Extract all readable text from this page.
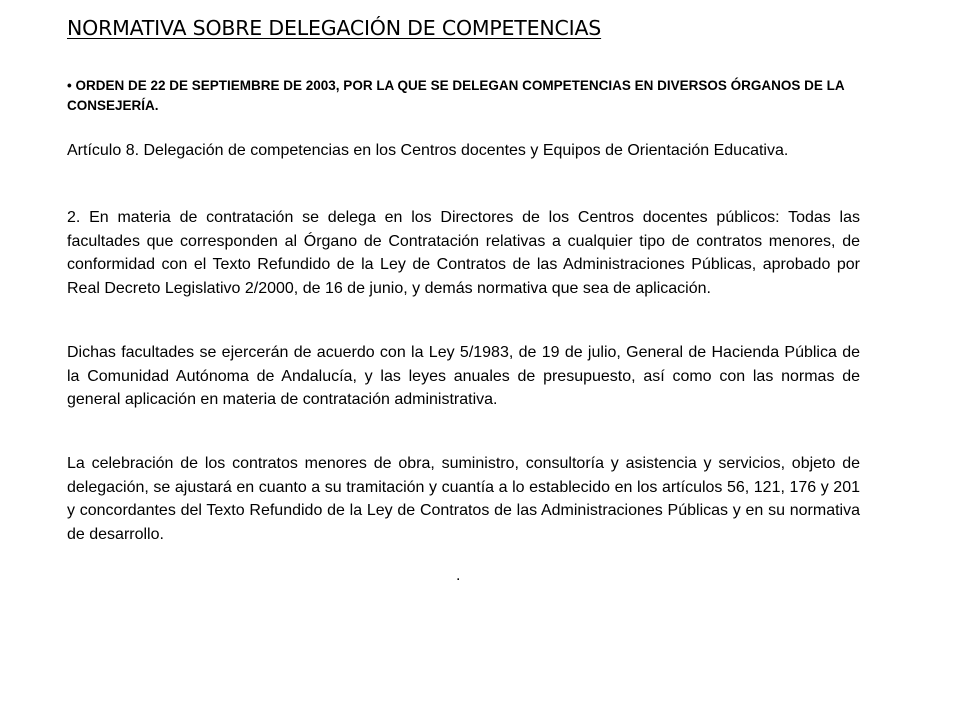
NORMATIVA SOBRE DELEGACIÓN DE COMPETENCIAS
• ORDEN DE 22 DE SEPTIEMBRE DE 2003, POR LA QUE SE DELEGAN COMPETENCIAS EN DIVERSOS ÓRGANOS DE LA CONSEJERÍA.

Artículo 8. Delegación de competencias en los Centros docentes y Equipos de Orientación Educativa.

2. En materia de contratación se delega en los Directores de los Centros docentes públicos: Todas las facultades que corresponden al Órgano de Contratación relativas a cualquier tipo de contratos menores, de conformidad con el Texto Refundido de la Ley de Contratos de las Administraciones Públicas, aprobado por Real Decreto Legislativo 2/2000, de 16 de junio, y demás normativa que sea de aplicación.

Dichas facultades se ejercerán de acuerdo con la Ley 5/1983, de 19 de julio, General de Hacienda Pública de la Comunidad Autónoma de Andalucía, y las leyes anuales de presupuesto, así como con las normas de general aplicación en materia de contratación administrativa.

La celebración de los contratos menores de obra, suministro, consultoría y asistencia y servicios, objeto de delegación, se ajustará en cuanto a su tramitación y cuantía a lo establecido en los artículos 56, 121, 176 y 201 y concordantes del Texto Refundido de la Ley de Contratos de las Administraciones Públicas y en su normativa de desarrollo.

.
